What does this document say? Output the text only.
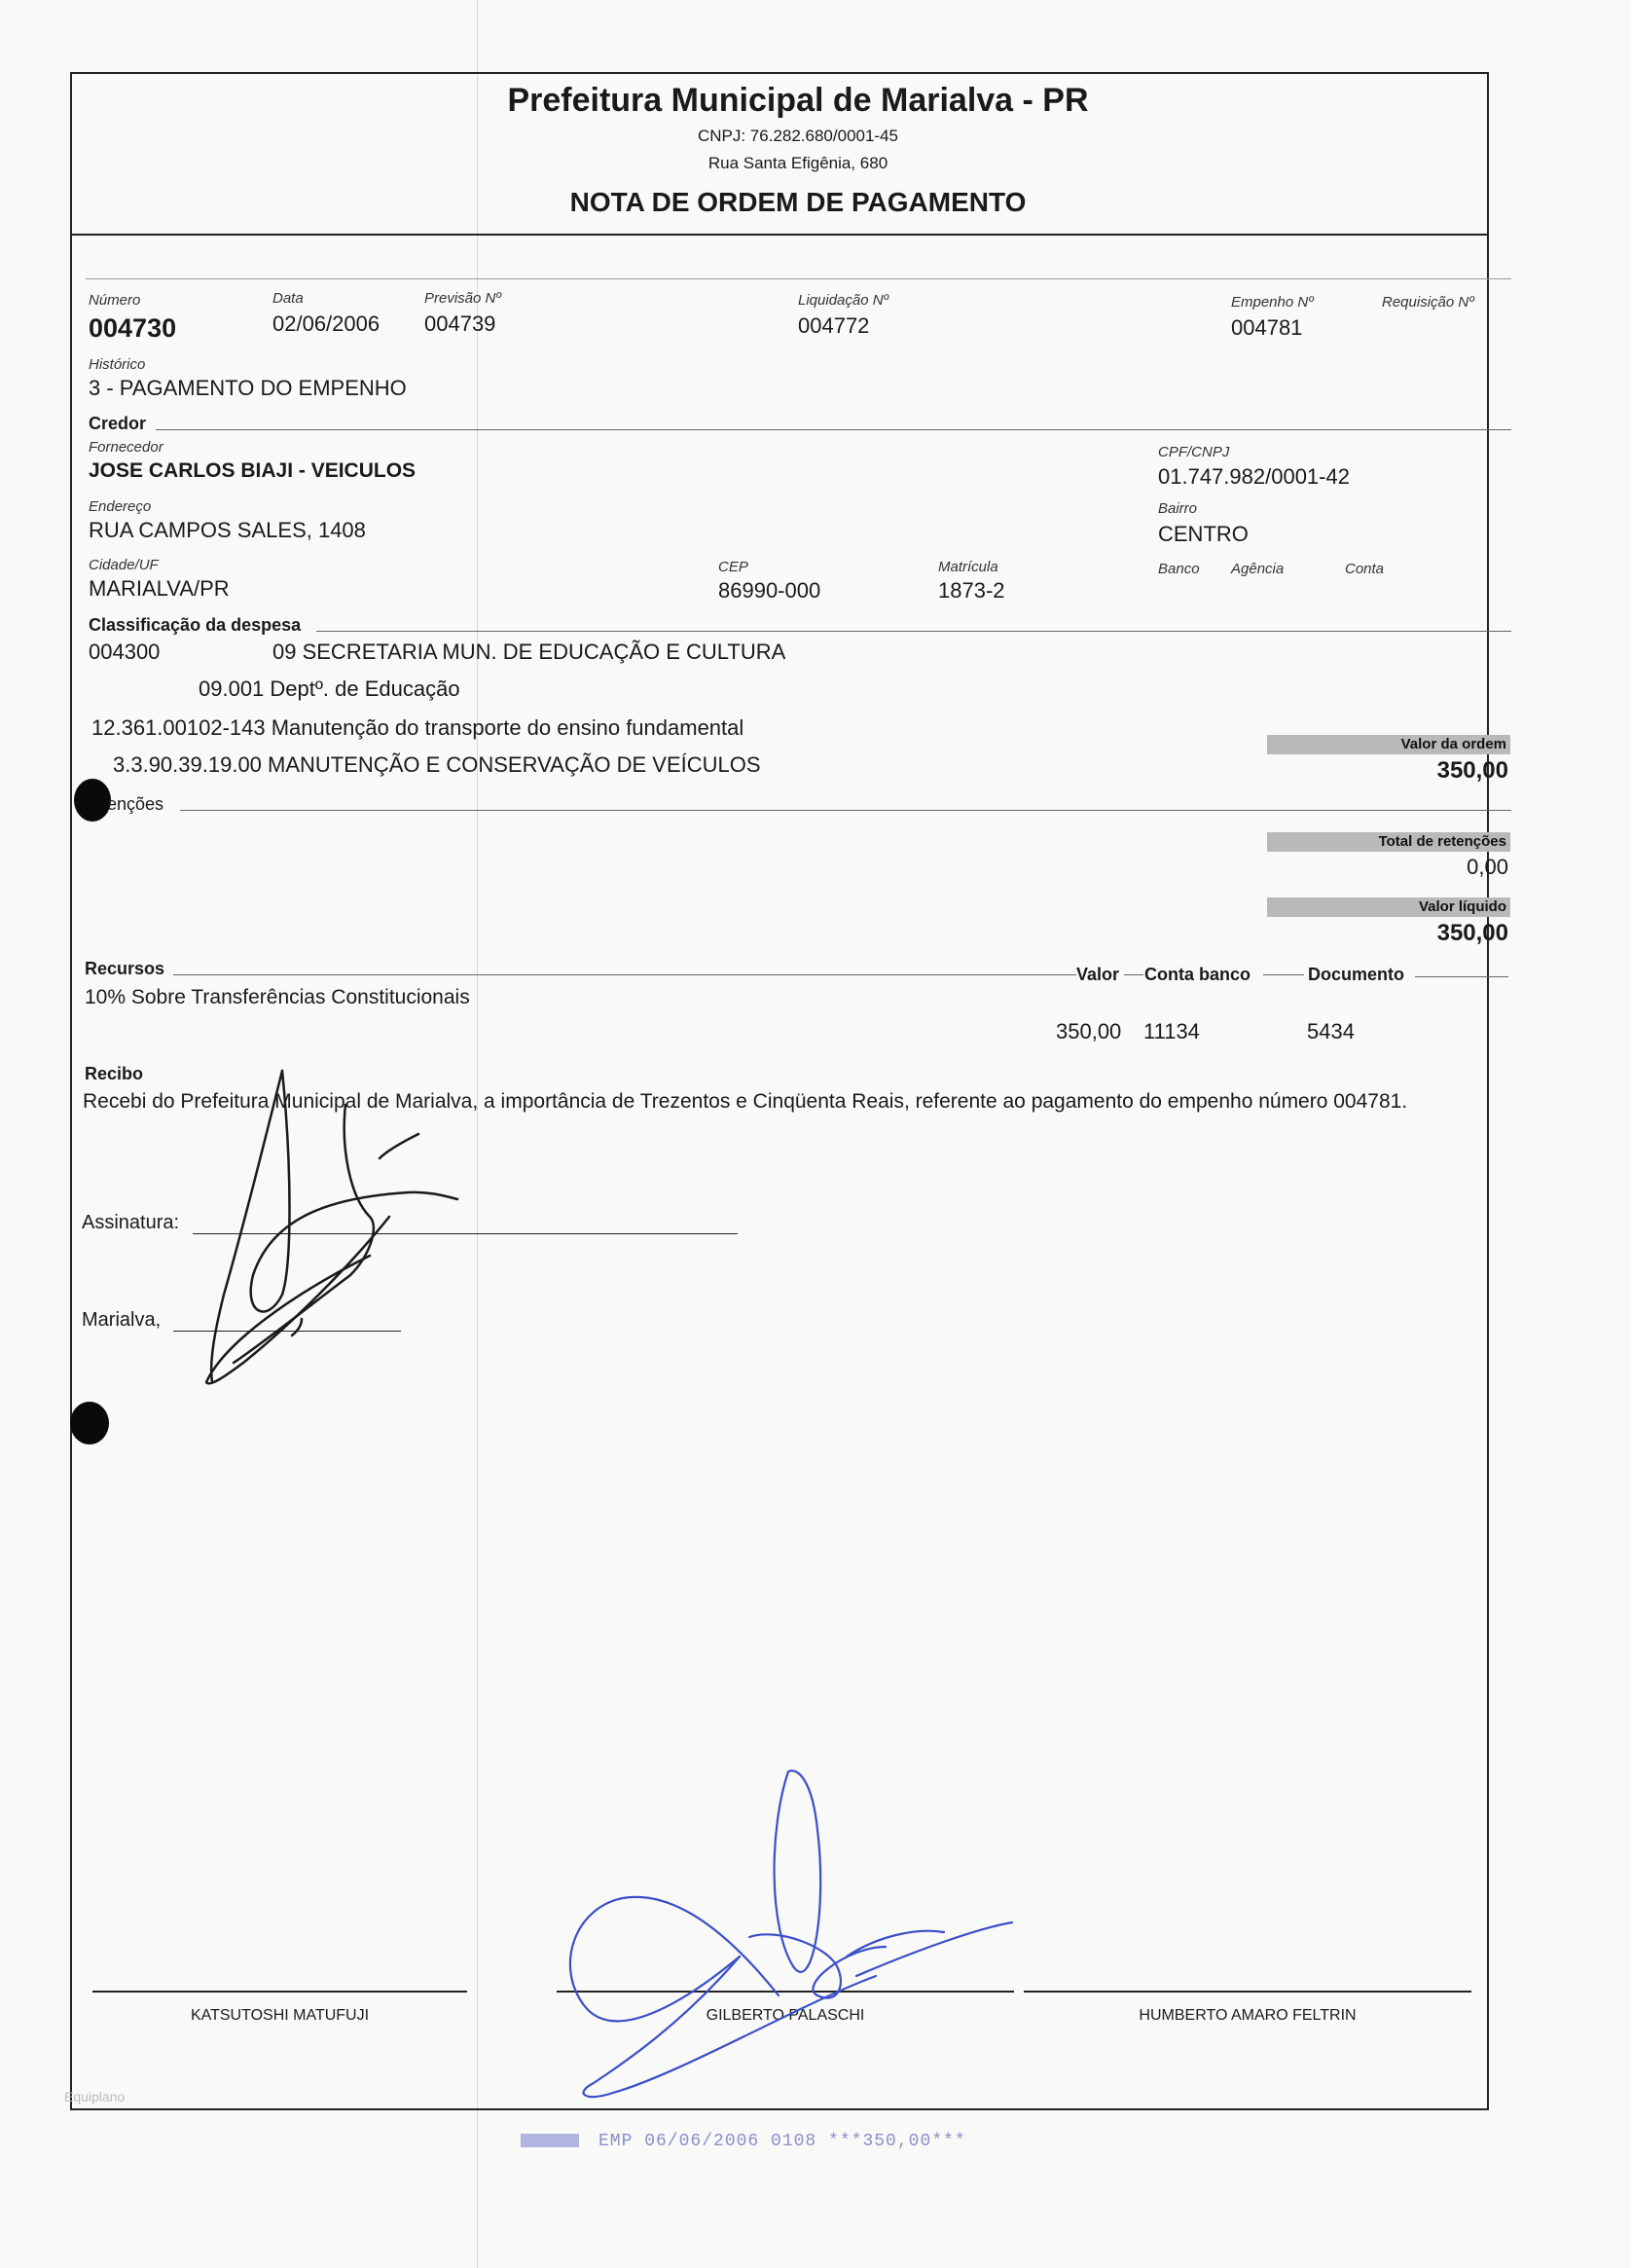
Prefeitura Municipal de Marialva - PR
CNPJ: 76.282.680/0001-45
Rua Santa Efigênia, 680
NOTA DE ORDEM DE PAGAMENTO
Número
004730
Data
02/06/2006
Previsão Nº
004739
Liquidação Nº
004772
Empenho Nº
004781
Requisição Nº
Histórico
3 - PAGAMENTO DO EMPENHO
Credor
Fornecedor
JOSE CARLOS BIAJI - VEICULOS
CPF/CNPJ
01.747.982/0001-42
Endereço
RUA CAMPOS SALES, 1408
Bairro
CENTRO
Cidade/UF
MARIALVA/PR
CEP
86990-000
Matrícula
1873-2
Banco Agência	Conta
Classificação da despesa
004300	09 SECRETARIA MUN. DE EDUCAÇÃO E CULTURA
09.001 Deptº. de Educação
12.361.00102-143 Manutenção do transporte do ensino fundamental
3.3.90.39.19.00 MANUTENÇÃO E CONSERVAÇÃO DE VEÍCULOS
Valor da ordem
350,00
enções
Total de retenções
0,00
Valor líquido
350,00
Recursos	Valor Conta banco	Documento
10% Sobre Transferências Constitucionais
350,00 11134	5434
Recibo
Recebi do Prefeitura Municipal de Marialva, a importância de Trezentos e Cinqüenta Reais, referente ao pagamento do empenho número 004781.
Assinatura:
Marialva,
KATSUTOSHI MATUFUJI	GILBERTO PALASCHI	HUMBERTO AMARO FELTRIN
Equiplano
EMP 06/06/2006 0108 ***350,00***
